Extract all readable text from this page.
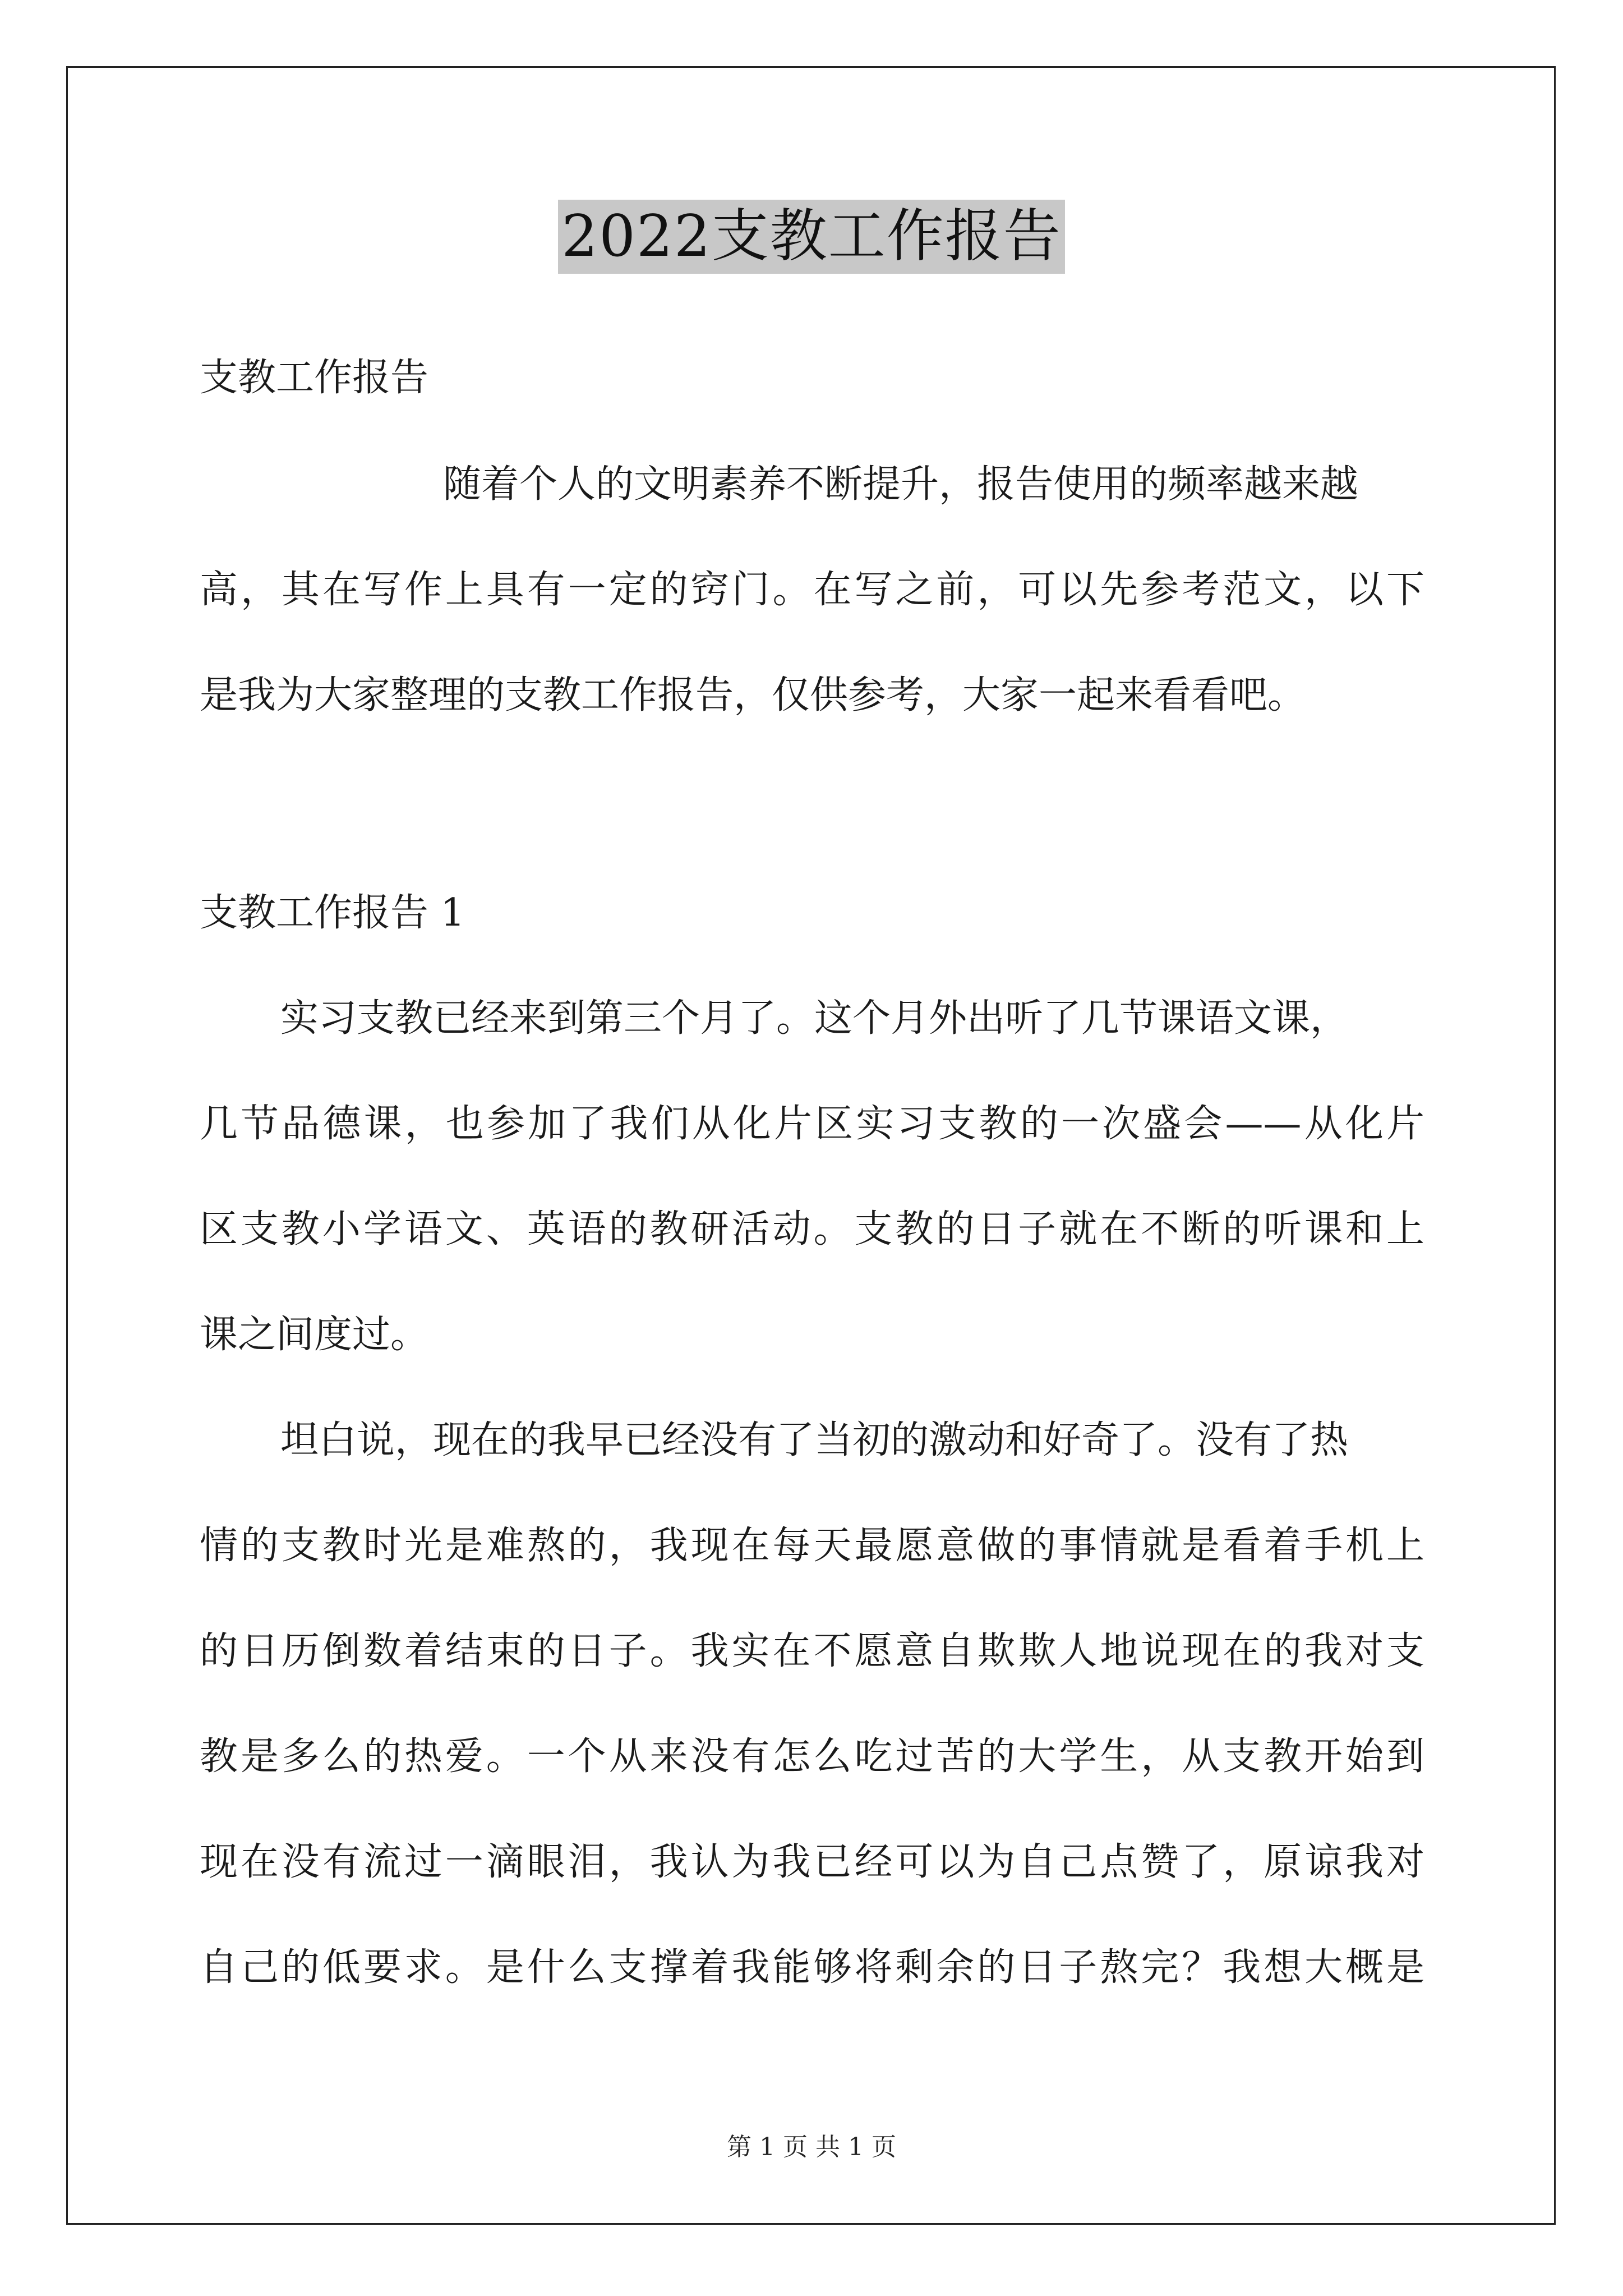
2022支教工作报告
支教工作报告
随着个人的文明素养不断提升，报告使用的频率越来越
高，其在写作上具有一定的窍门。在写之前，可以先参考范文，以下
是我为大家整理的支教工作报告，仅供参考，大家一起来看看吧。
支教工作报告 1
实习支教已经来到第三个月了。这个月外出听了几节课语文课，
几节品德课，也参加了我们从化片区实习支教的一次盛会——从化片
区支教小学语文、英语的教研活动。支教的日子就在不断的听课和上
课之间度过。
坦白说，现在的我早已经没有了当初的激动和好奇了。没有了热
情的支教时光是难熬的，我现在每天最愿意做的事情就是看着手机上
的日历倒数着结束的日子。我实在不愿意自欺欺人地说现在的我对支
教是多么的热爱。一个从来没有怎么吃过苦的大学生，从支教开始到
现在没有流过一滴眼泪，我认为我已经可以为自己点赞了，原谅我对
自己的低要求。是什么支撑着我能够将剩余的日子熬完？我想大概是
第 1 页 共 1 页
